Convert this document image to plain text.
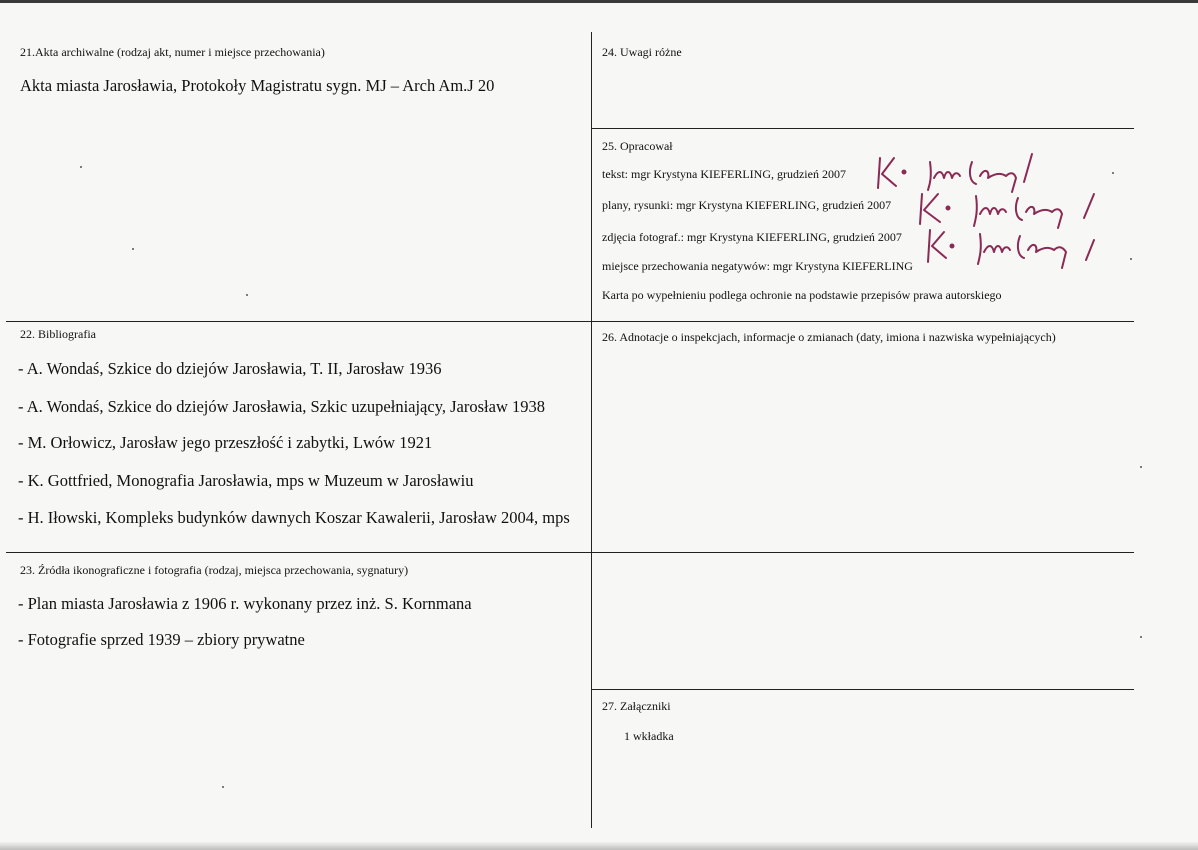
21.Akta archiwalne (rodzaj akt, numer i miejsce przechowania)
Akta miasta Jarosławia, Protokoły Magistratu sygn. MJ – Arch Am.J 20
22. Bibliografia
- A. Wondaś, Szkice do dziejów Jarosławia, T. II, Jarosław 1936
- A. Wondaś, Szkice do dziejów Jarosławia, Szkic uzupełniający, Jarosław 1938
- M. Orłowicz, Jarosław jego przeszłość i zabytki, Lwów 1921
- K. Gottfried, Monografia Jarosławia, mps w Muzeum w Jarosławiu
- H. Iłowski, Kompleks budynków dawnych Koszar Kawalerii, Jarosław 2004, mps
23. Źródła ikonograficzne i fotografia (rodzaj, miejsca przechowania, sygnatury)
- Plan miasta Jarosławia z 1906 r. wykonany przez inż. S. Kornmana
- Fotografie sprzed 1939 – zbiory prywatne
24. Uwagi różne
25. Opracował
tekst: mgr Krystyna KIEFERLING, grudzień 2007
plany, rysunki: mgr Krystyna KIEFERLING, grudzień 2007
zdjęcia fotograf.: mgr Krystyna KIEFERLING, grudzień 2007
miejsce przechowania negatywów: mgr Krystyna KIEFERLING
Karta po wypełnieniu podlega ochronie na podstawie przepisów prawa autorskiego
26. Adnotacje o inspekcjach, informacje o zmianach (daty, imiona i nazwiska wypełniających)
27. Załączniki
1 wkładka
